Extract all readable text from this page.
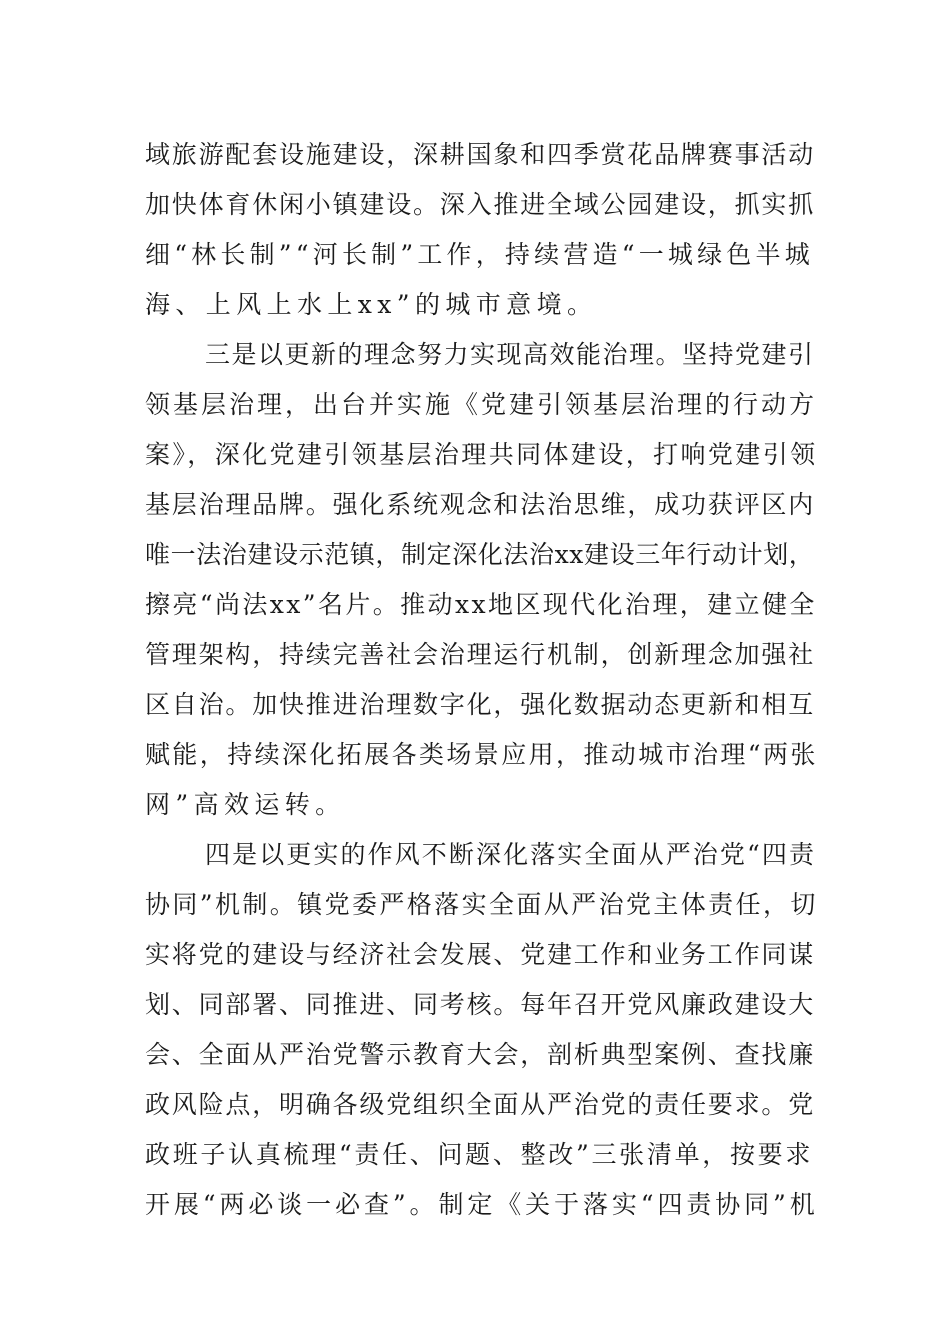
域旅游配套设施建设，深耕国象和四季赏花品牌赛事活动
加快体育休闲小镇建设。深入推进全域公园建设，抓实抓
细“林长制”“河长制”工作，持续营造“一城绿色半城
海、上风上水上xx”的城市意境。
三是以更新的理念努力实现高效能治理。坚持党建引
领基层治理，出台并实施《党建引领基层治理的行动方
案》，深化党建引领基层治理共同体建设，打响党建引领
基层治理品牌。强化系统观念和法治思维，成功获评区内
唯一法治建设示范镇，制定深化法治xx建设三年行动计划，
擦亮“尚法xx”名片。推动xx地区现代化治理，建立健全
管理架构，持续完善社会治理运行机制，创新理念加强社
区自治。加快推进治理数字化，强化数据动态更新和相互
赋能，持续深化拓展各类场景应用，推动城市治理“两张
网”高效运转。
四是以更实的作风不断深化落实全面从严治党“四责
协同”机制。镇党委严格落实全面从严治党主体责任，切
实将党的建设与经济社会发展、党建工作和业务工作同谋
划、同部署、同推进、同考核。每年召开党风廉政建设大
会、全面从严治党警示教育大会，剖析典型案例、查找廉
政风险点，明确各级党组织全面从严治党的责任要求。党
政班子认真梳理“责任、问题、整改”三张清单，按要求
开展“两必谈一必查”。制定《关于落实“四责协同”机
